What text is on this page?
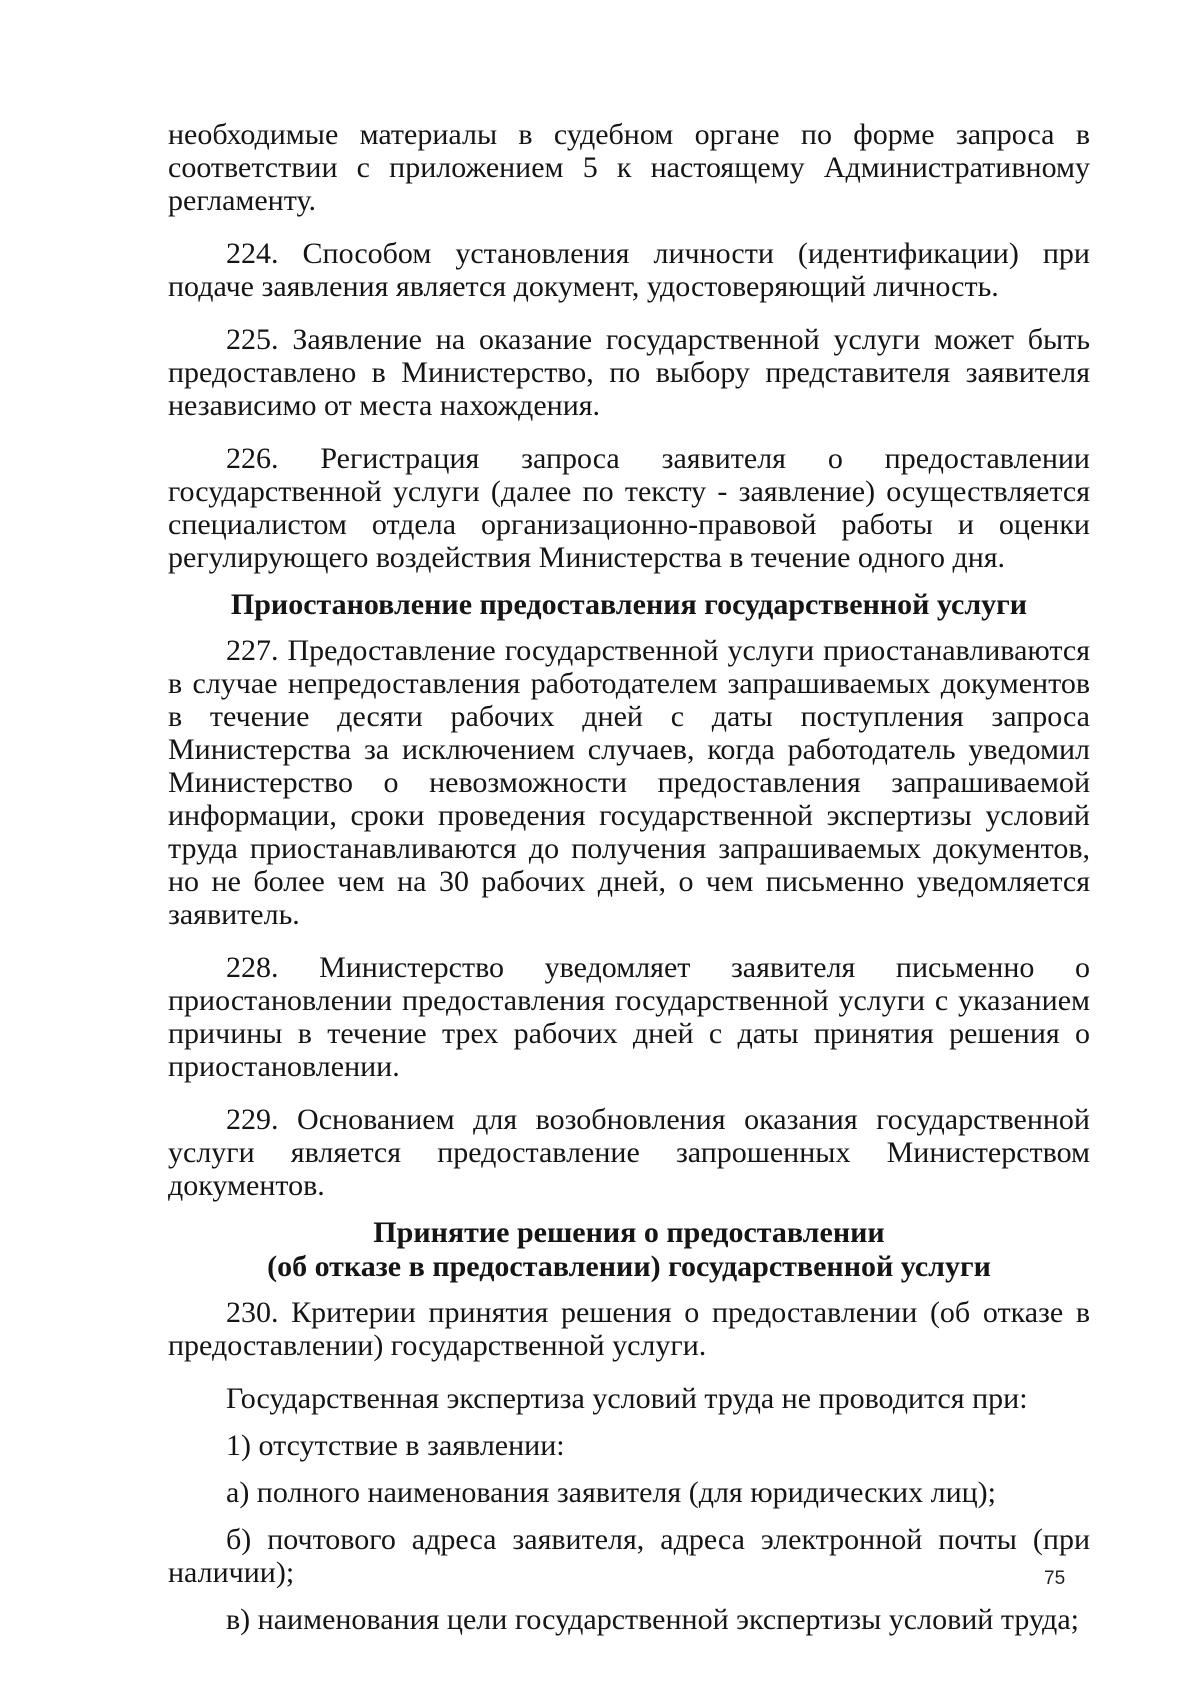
необходимые материалы в судебном органе по форме запроса в соответствии с приложением 5 к настоящему Административному регламенту.

224. Способом установления личности (идентификации) при подаче заявления является документ, удостоверяющий личность.

225. Заявление на оказание государственной услуги может быть предоставлено в Министерство, по выбору представителя заявителя независимо от места нахождения.

226. Регистрация запроса заявителя о предоставлении государственной услуги (далее по тексту - заявление) осуществляется специалистом отдела организационно-правовой работы и оценки регулирующего воздействия Министерства в течение одного дня.

Приостановление предоставления государственной услуги

227. Предоставление государственной услуги приостанавливаются в случае непредоставления работодателем запрашиваемых документов в течение десяти рабочих дней с даты поступления запроса Министерства за исключением случаев, когда работодатель уведомил Министерство о невозможности предоставления запрашиваемой информации, сроки проведения государственной экспертизы условий труда приостанавливаются до получения запрашиваемых документов, но не более чем на 30 рабочих дней, о чем письменно уведомляется заявитель.

228. Министерство уведомляет заявителя письменно о приостановлении предоставления государственной услуги с указанием причины в течение трех рабочих дней с даты принятия решения о приостановлении.

229. Основанием для возобновления оказания государственной услуги является предоставление запрошенных Министерством документов.

Принятие решения о предоставлении
(об отказе в предоставлении) государственной услуги

230. Критерии принятия решения о предоставлении (об отказе в предоставлении) государственной услуги.

Государственная экспертиза условий труда не проводится при:

1) отсутствие в заявлении:

а) полного наименования заявителя (для юридических лиц);

б) почтового адреса заявителя, адреса электронной почты (при наличии);

в) наименования цели государственной экспертизы условий труда;

75
